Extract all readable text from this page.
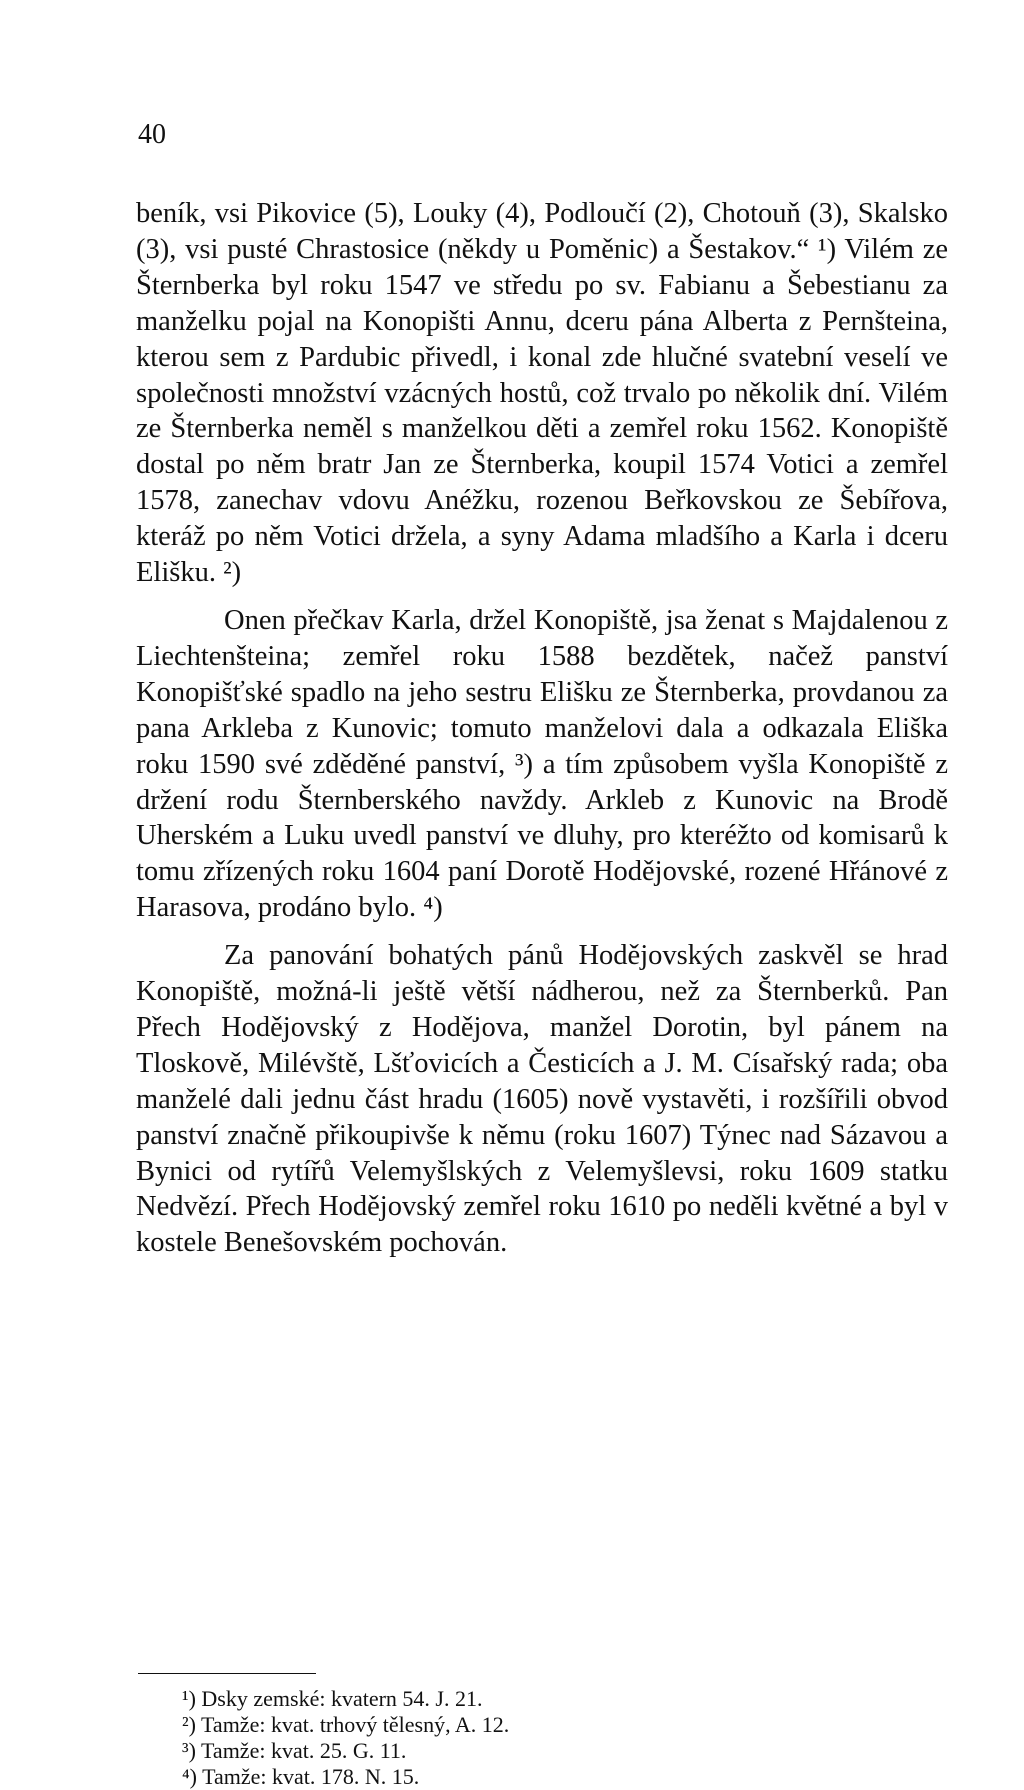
40

beník, vsi Pikovice (5), Louky (4), Podloučí (2), Chotouň (3), Skalsko (3), vsi pusté Chrastosice (někdy u Poměnic) a Šestakov.“ ¹) Vilém ze Šternberka byl roku 1547 ve středu po sv. Fabianu a Šebestianu za manželku pojal na Konopišti Annu, dceru pána Alberta z Pernšteina, kterou sem z Pardubic přivedl, i konal zde hlučné svatební veselí ve společnosti množství vzácných hostů, což trvalo po několik dní. Vilém ze Šternberka neměl s manželkou děti a zemřel roku 1562. Konopiště dostal po něm bratr Jan ze Šternberka, koupil 1574 Votici a zemřel 1578, zanechav vdovu Anéžku, rozenou Beřkovskou ze Šebířova, kteráž po něm Votici držela, a syny Adama mladšího a Karla i dceru Elišku. ²)

Onen přečkav Karla, držel Konopiště, jsa ženat s Majdalenou z Liechtenšteina; zemřel roku 1588 bezdětek, načež panství Konopišťské spadlo na jeho sestru Elišku ze Šternberka, provdanou za pana Arkleba z Kunovic; tomuto manželovi dala a odkazala Eliška roku 1590 své zděděné panství, ³) a tím způsobem vyšla Konopiště z držení rodu Šternberského navždy. Arkleb z Kunovic na Brodě Uherském a Luku uvedl panství ve dluhy, pro kteréžto od komisarů k tomu zřízených roku 1604 paní Dorotě Hodějovské, rozené Hřánové z Harasova, prodáno bylo. ⁴)

Za panování bohatých pánů Hodějovských zaskvěl se hrad Konopiště, možná-li ještě větší nádherou, než za Šternberků. Pan Přech Hodějovský z Hodějova, manžel Dorotin, byl pánem na Tloskově, Milévště, Lšťovicích a Česticích a J. M. Císařský rada; oba manželé dali jednu část hradu (1605) nově vystavěti, i rozšířili obvod panství značně přikoupivše k němu (roku 1607) Týnec nad Sázavou a Bynici od rytířů Velemyšlských z Velemyšlevsi, roku 1609 statku Nedvězí. Přech Hodějovský zemřel roku 1610 po neděli květné a byl v kostele Benešovském pochován.

¹) Dsky zemské: kvatern 54. J. 21.
²) Tamže: kvat. trhový tělesný, A. 12.
³) Tamže: kvat. 25. G. 11.
⁴) Tamže: kvat. 178. N. 15.
